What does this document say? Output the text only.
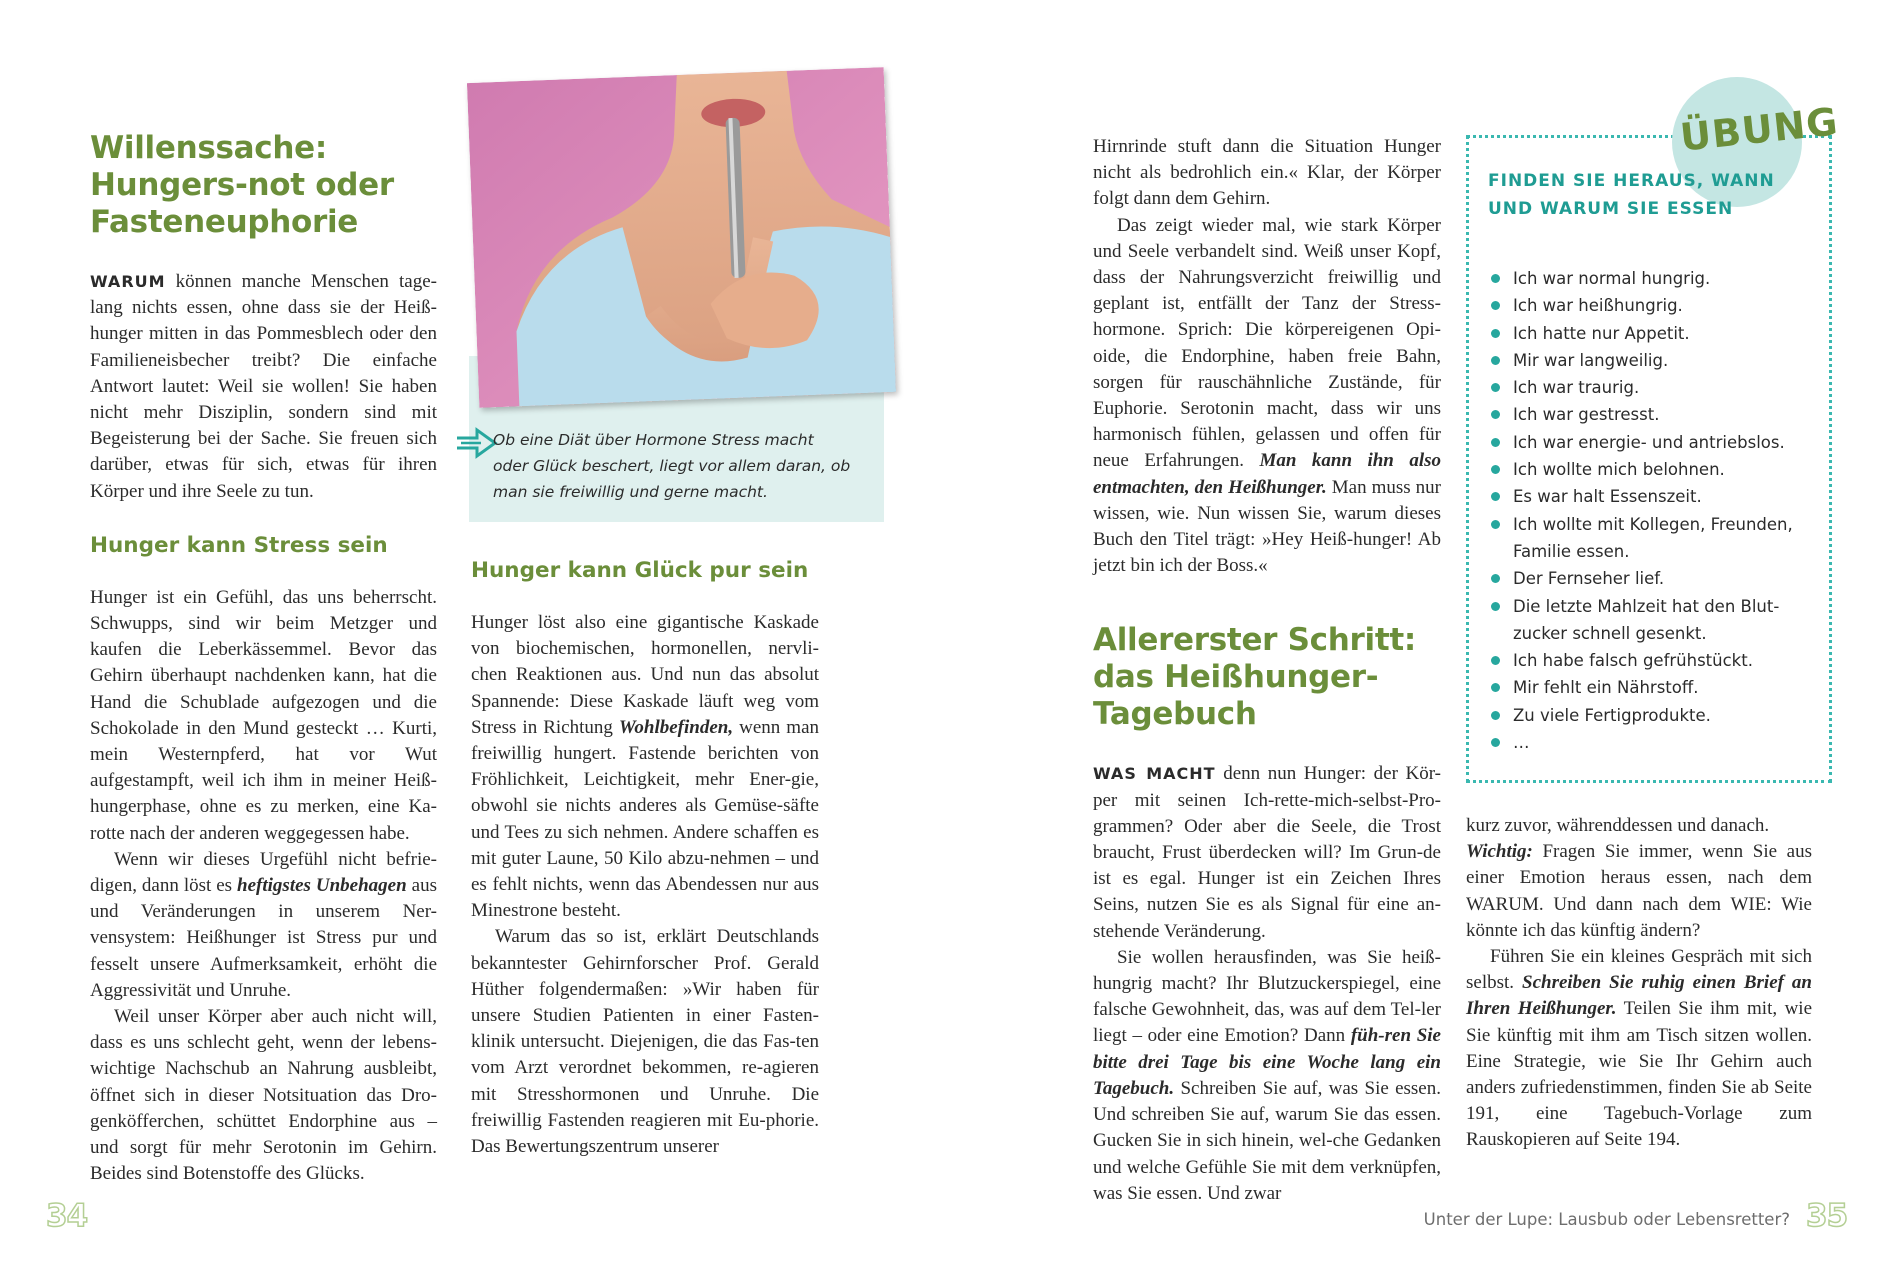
Willenssache: Hungers-not oder Fasteneuphorie

WARUM können manche Menschen tage-lang nichts essen, ohne dass sie der Heiß-hunger mitten in das Pommesblech oder den Familieneisbecher treibt? Die einfache Antwort lautet: Weil sie wollen! Sie haben nicht mehr Disziplin, sondern sind mit Begeisterung bei der Sache. Sie freuen sich darüber, etwas für sich, etwas für ihren Körper und ihre Seele zu tun.

Hunger kann Stress sein

Hunger ist ein Gefühl, das uns beherrscht. Schwupps, sind wir beim Metzger und kaufen die Leberkässemmel. Bevor das Gehirn überhaupt nachdenken kann, hat die Hand die Schublade aufgezogen und die Schokolade in den Mund gesteckt … Kurti, mein Westernpferd, hat vor Wut aufgestampft, weil ich ihm in meiner Heiß-hungerphase, ohne es zu merken, eine Ka-rotte nach der anderen weggegessen habe.

Wenn wir dieses Urgefühl nicht befrie-digen, dann löst es heftigstes Unbehagen aus und Veränderungen in unserem Ner-vensystem: Heißhunger ist Stress pur und fesselt unsere Aufmerksamkeit, erhöht die Aggressivität und Unruhe.

Weil unser Körper aber auch nicht will, dass es uns schlecht geht, wenn der lebens-wichtige Nachschub an Nahrung ausbleibt, öffnet sich in dieser Notsituation das Dro-genköfferchen, schüttet Endorphine aus – und sorgt für mehr Serotonin im Gehirn. Beides sind Botenstoffe des Glücks.

Ob eine Diät über Hormone Stress macht oder Glück beschert, liegt vor allem daran, ob man sie freiwillig und gerne macht.
Hunger kann Glück pur sein

Hunger löst also eine gigantische Kaskade von biochemischen, hormonellen, nervli-chen Reaktionen aus. Und nun das absolut Spannende: Diese Kaskade läuft weg vom Stress in Richtung Wohlbefinden, wenn man freiwillig hungert. Fastende berichten von Fröhlichkeit, Leichtigkeit, mehr Ener-gie, obwohl sie nichts anderes als Gemüse-säfte und Tees zu sich nehmen. Andere schaffen es mit guter Laune, 50 Kilo abzu-nehmen – und es fehlt nichts, wenn das Abendessen nur aus Minestrone besteht.

Warum das so ist, erklärt Deutschlands bekanntester Gehirnforscher Prof. Gerald Hüther folgendermaßen: »Wir haben für unsere Studien Patienten in einer Fasten-klinik untersucht. Diejenigen, die das Fas-ten vom Arzt verordnet bekommen, re-agieren mit Stresshormonen und Unruhe. Die freiwillig Fastenden reagieren mit Eu-phorie. Das Bewertungszentrum unserer

Hirnrinde stuft dann die Situation Hunger nicht als bedrohlich ein.« Klar, der Körper folgt dann dem Gehirn.

Das zeigt wieder mal, wie stark Körper und Seele verbandelt sind. Weiß unser Kopf, dass der Nahrungsverzicht freiwillig und geplant ist, entfällt der Tanz der Stress-hormone. Sprich: Die körpereigenen Opi-oide, die Endorphine, haben freie Bahn, sorgen für rauschähnliche Zustände, für Euphorie. Serotonin macht, dass wir uns harmonisch fühlen, gelassen und offen für neue Erfahrungen. Man kann ihn also entmachten, den Heißhunger. Man muss nur wissen, wie. Nun wissen Sie, warum dieses Buch den Titel trägt: »Hey Heiß-hunger! Ab jetzt bin ich der Boss.«

Allererster Schritt: das Heißhunger-Tagebuch

WAS MACHT denn nun Hunger: der Kör-per mit seinen Ich-rette-mich-selbst-Pro-grammen? Oder aber die Seele, die Trost braucht, Frust überdecken will? Im Grun-de ist es egal. Hunger ist ein Zeichen Ihres Seins, nutzen Sie es als Signal für eine an-stehende Veränderung.

Sie wollen herausfinden, was Sie heiß-hungrig macht? Ihr Blutzuckerspiegel, eine falsche Gewohnheit, das, was auf dem Tel-ler liegt – oder eine Emotion? Dann füh-ren Sie bitte drei Tage bis eine Woche lang ein Tagebuch. Schreiben Sie auf, was Sie essen. Und schreiben Sie auf, warum Sie das essen. Gucken Sie in sich hinein, wel-che Gedanken und welche Gefühle Sie mit dem verknüpfen, was Sie essen. Und zwar

ÜBUNG
FINDEN SIE HERAUS, WANN UND WARUM SIE ESSEN
Ich war normal hungrig.
Ich war heißhungrig.
Ich hatte nur Appetit.
Mir war langweilig.
Ich war traurig.
Ich war gestresst.
Ich war energie- und antriebslos.
Ich wollte mich belohnen.
Es war halt Essenszeit.
Ich wollte mit Kollegen, Freunden, Familie essen.
Der Fernseher lief.
Die letzte Mahlzeit hat den Blut-zucker schnell gesenkt.
Ich habe falsch gefrühstückt.
Mir fehlt ein Nährstoff.
Zu viele Fertigprodukte.
…

kurz zuvor, währenddessen und danach.

Wichtig: Fragen Sie immer, wenn Sie aus einer Emotion heraus essen, nach dem WARUM. Und dann nach dem WIE: Wie könnte ich das künftig ändern?

Führen Sie ein kleines Gespräch mit sich selbst. Schreiben Sie ruhig einen Brief an Ihren Heißhunger. Teilen Sie ihm mit, wie Sie künftig mit ihm am Tisch sitzen wollen. Eine Strategie, wie Sie Ihr Gehirn auch anders zufriedenstimmen, finden Sie ab Seite 191, eine Tagebuch-Vorlage zum Rauskopieren auf Seite 194.

34	Unter der Lupe: Lausbub oder Lebensretter? 35
